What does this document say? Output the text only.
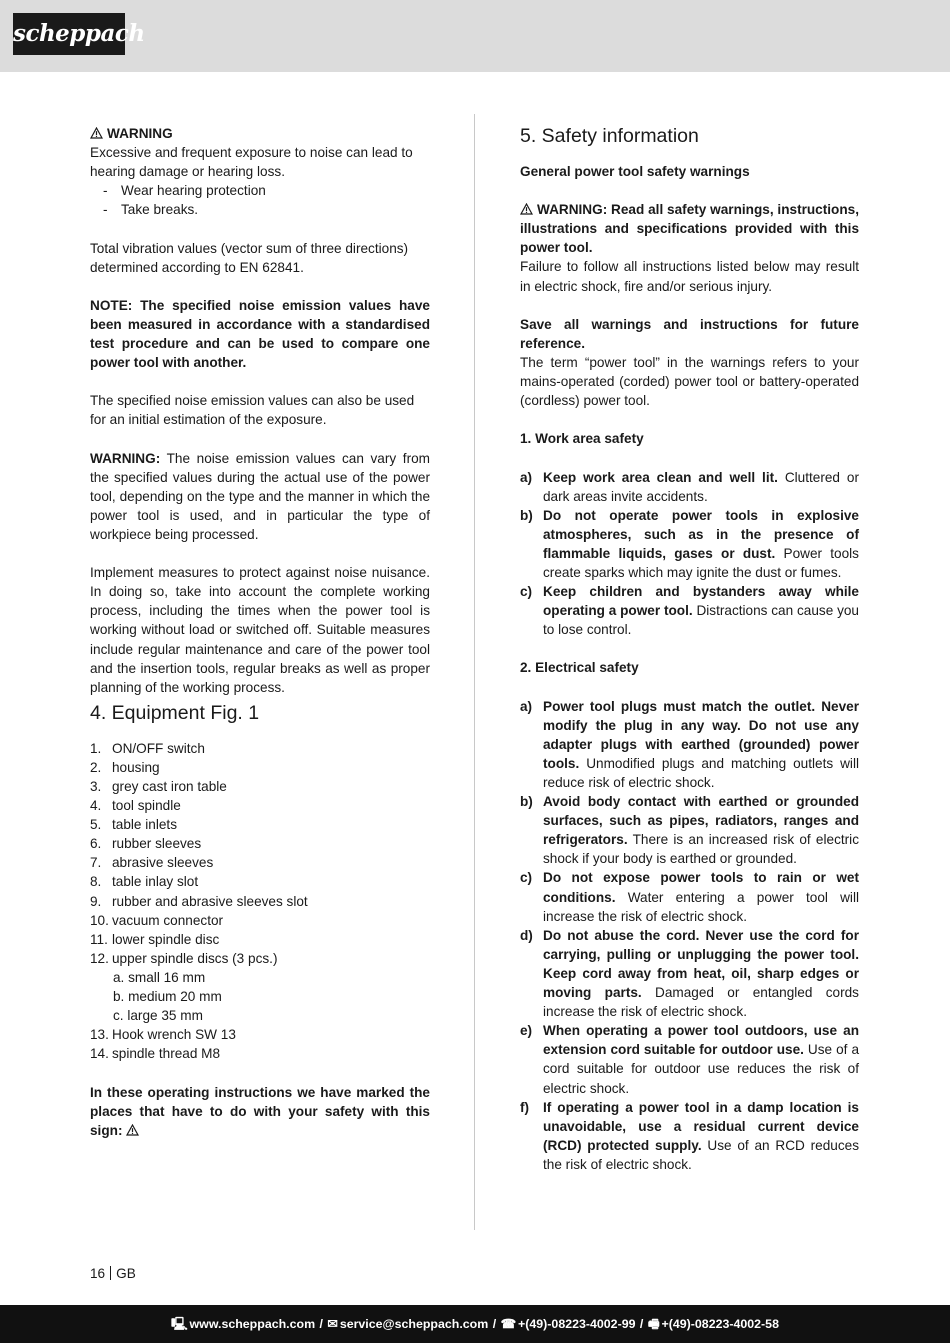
scheppach

WARNING

Excessive and frequent exposure to noise can lead to hearing damage or hearing loss.

- Wear hearing protection
- Take breaks.

Total vibration values (vector sum of three directions) determined according to EN 62841.

NOTE: The specified noise emission values have been measured in accordance with a standardised test procedure and can be used to compare one power tool with another.

The specified noise emission values can also be used for an initial estimation of the exposure.

WARNING: The noise emission values can vary from the specified values during the actual use of the power tool, depending on the type and the manner in which the power tool is used, and in particular the type of workpiece being processed.

Implement measures to protect against noise nuisance. In doing so, take into account the complete working process, including the times when the power tool is working without load or switched off. Suitable measures include regular maintenance and care of the power tool and the insertion tools, regular breaks as well as proper planning of the working process.

4. Equipment Fig. 1
1. ON/OFF switch
2. housing
3. grey cast iron table
4. tool spindle
5. table inlets
6. rubber sleeves
7. abrasive sleeves
8. table inlay slot
9. rubber and abrasive sleeves slot
10. vacuum connector
11. lower spindle disc
12. upper spindle discs (3 pcs.)
a. small 16 mm
b. medium 20 mm
c. large 35 mm
13. Hook wrench SW 13
14. spindle thread M8

In these operating instructions we have marked the places that have to do with your safety with this sign:

5. Safety information

General power tool safety warnings

WARNING: Read all safety warnings, instructions, illustrations and specifications provided with this power tool.

Failure to follow all instructions listed below may result in electric shock, fire and/or serious injury.

Save all warnings and instructions for future reference.

The term “power tool” in the warnings refers to your mains-operated (corded) power tool or battery-operated (cordless) power tool.

1. Work area safety

a) Keep work area clean and well lit. Cluttered or dark areas invite accidents.
b) Do not operate power tools in explosive atmospheres, such as in the presence of flammable liquids, gases or dust. Power tools create sparks which may ignite the dust or fumes.
c) Keep children and bystanders away while operating a power tool. Distractions can cause you to lose control.

2. Electrical safety

a) Power tool plugs must match the outlet. Never modify the plug in any way. Do not use any adapter plugs with earthed (grounded) power tools. Unmodified plugs and matching outlets will reduce risk of electric shock.
b) Avoid body contact with earthed or grounded surfaces, such as pipes, radiators, ranges and refrigerators. There is an increased risk of electric shock if your body is earthed or grounded.
c) Do not expose power tools to rain or wet conditions. Water entering a power tool will increase the risk of electric shock.
d) Do not abuse the cord. Never use the cord for carrying, pulling or unplugging the power tool. Keep cord away from heat, oil, sharp edges or moving parts. Damaged or entangled cords increase the risk of electric shock.
e) When operating a power tool outdoors, use an extension cord suitable for outdoor use. Use of a cord suitable for outdoor use reduces the risk of electric shock.
f) If operating a power tool in a damp location is unavoidable, use a residual current device (RCD) protected supply. Use of an RCD reduces the risk of electric shock.
16 GB
🖳 www.scheppach.com / ✉ service@scheppach.com / ☎ +(49)-08223-4002-99 / 🖷 +(49)-08223-4002-58
